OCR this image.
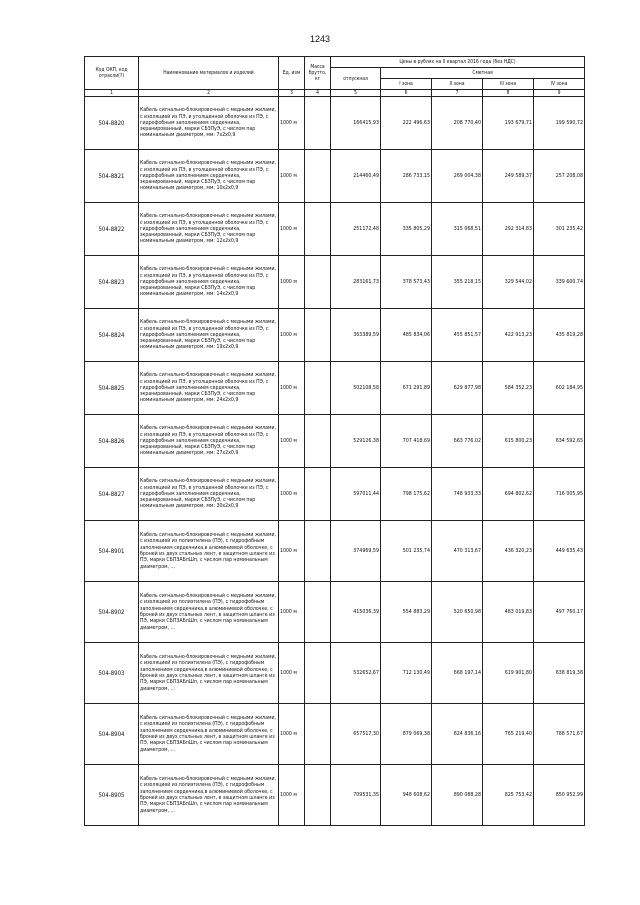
1243
Код ОКП, код отрасли(?)	Наименование материалов и изделий	Ед. изм	Масса брутто, кг	Цены в рублях на II квартал 2016 года (без НДС)				
				отпускная	Сметная			
					I зона	II зона	III зона	IV зона
1	2	3	4	5	6	7	8	9
504-8820	Кабель сигнально-блокировочный с медными жилами, с изоляцией из ПЭ, в утолщенной оболочке из ПЭ, с гидрофобным заполнением сердечника, экранированный, марки СБЗПуЭ, с числом пар номинальным диаметром, мм: 7х2х0,9	1000 м		166415,93	222 496,63	208 770,40	193 679,71	199 590,72
504-8821	Кабель сигнально-блокировочный с медными жилами, с изоляцией из ПЭ, в утолщенной оболочке из ПЭ, с гидрофобным заполнением сердечника, экранированный, марки СБЗПуЭ, с числом пар номинальным диаметром, мм: 10х2х0,9	1000 м		214460,49	286 733,15	269 004,38	249 589,37	257 208,08
504-8822	Кабель сигнально-блокировочный с медными жилами, с изоляцией из ПЭ, в утолщенной оболочке из ПЭ, с гидрофобным заполнением сердечника, экранированный, марки СБЗПуЭ, с числом пар номинальным диаметром, мм: 12х2х0,9	1000 м		251172,48	335 805,29	315 068,51	292 314,83	301 235,42
504-8823	Кабель сигнально-блокировочный с медными жилами, с изоляцией из ПЭ, в утолщенной оболочке из ПЭ, с гидрофобным заполнением сердечника, экранированный, марки СБЗПуЭ, с числом пар номинальным диаметром, мм: 14х2х0,9	1000 м		283161,73	378 573,43	355 218,15	329 544,02	339 600,74
504-8824	Кабель сигнально-блокировочный с медными жилами, с изоляцией из ПЭ, в утолщенной оболочке из ПЭ, с гидрофобным заполнением сердечника, экранированный, марки СБЗПуЭ, с числом пар номинальным диаметром, мм: 19х2х0,9	1000 м		363389,59	485 834,06	455 851,57	422 913,23	435 819,28
504-8825	Кабель сигнально-блокировочный с медными жилами, с изоляцией из ПЭ, в утолщенной оболочке из ПЭ, с гидрофобным заполнением сердечника, экранированный, марки СБЗПуЭ, с числом пар номинальным диаметром, мм: 24х2х0,9	1000 м		502108,58	671 291,89	629 877,98	584 352,23	602 184,95
504-8826	Кабель сигнально-блокировочный с медными жилами, с изоляцией из ПЭ, в утолщенной оболочке из ПЭ, с гидрофобным заполнением сердечника, экранированный, марки СБЗПуЭ, с числом пар номинальным диаметром, мм: 27х2х0,9	1000 м		529126,38	707 418,69	663 776,02	615 800,23	634 592,65
504-8827	Кабель сигнально-блокировочный с медными жилами, с изоляцией из ПЭ, в утолщенной оболочке из ПЭ, с гидрофобным заполнением сердечника, экранированный, марки СБЗПуЭ, с числом пар номинальным диаметром, мм: 30х2х0,9	1000 м		597011,44	798 175,62	748 933,33	694 802,62	716 005,95
504-8901	Кабель сигнально-блокировочный с медными жилами, с изоляцией из полиэтилена (ПЭ), с гидрофобным заполнением сердечника,в алюминиевой оболочке, с броней из двух стальных лент, в защитном шланге из ПЭ, марки СБПЗАБпШп, с числом пар номинальным диаметром, ...	1000 м		374969,59	501 235,74	470 313,67	436 320,23	449 635,43
504-8902	Кабель сигнально-блокировочный с медными жилами, с изоляцией из полиэтилена (ПЭ), с гидрофобным заполнением сердечника,в алюминиевой оболочке, с броней из двух стальных лент, в защитном шланге из ПЭ, марки СБПЗАБпШп, с числом пар номинальным диаметром, ...	1000 м		415036,39	554 883,29	520 650,98	483 019,83	497 760,17
504-8903	Кабель сигнально-блокировочный с медными жилами, с изоляцией из полиэтилена (ПЭ), с гидрофобным заполнением сердечника,в алюминиевой оболочке, с броней из двух стальных лент, в защитном шланге из ПЭ, марки СБПЗАБпШп, с числом пар номинальным диаметром, ...	1000 м		532652,67	712 130,49	668 197,14	619 901,80	638 819,38
504-8904	Кабель сигнально-блокировочный с медными жилами, с изоляцией из полиэтилена (ПЭ), с гидрофобным заполнением сердечника,в алюминиевой оболочке, с броней из двух стальных лент, в защитном шланге из ПЭ, марки СБПЗАБпШп, с числом пар номинальным диаметром, ...	1000 м		657517,30	879 069,38	824 836,16	765 219,40	788 571,67
504-8905	Кабель сигнально-блокировочный с медными жилами, с изоляцией из полиэтилена (ПЭ), с гидрофобным заполнением сердечника,в алюминиевой оболочке, с броней из двух стальных лент, в защитном шланге из ПЭ, марки СБПЗАБпШп, с числом пар номинальным диаметром, ...	1000 м		709531,35	948 608,62	890 088,28	825 753,42	850 952,99
